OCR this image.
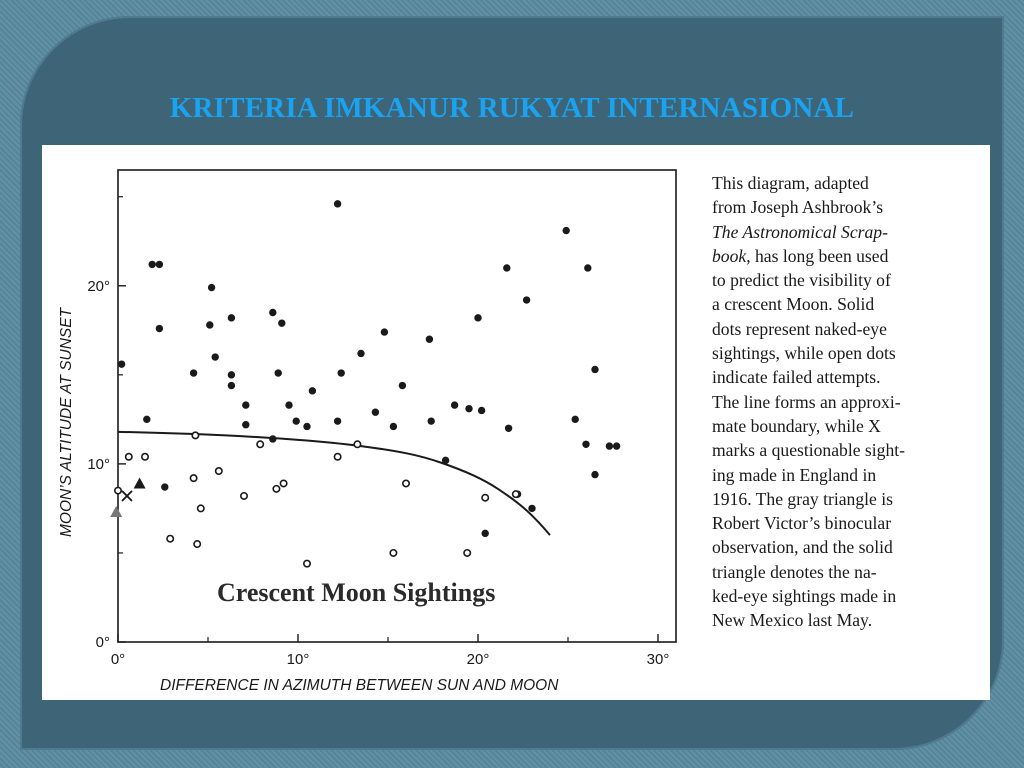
KRITERIA IMKANUR RUKYAT INTERNASIONAL
0°	10°	20°	30°
0°
10°
20°
Crescent Moon Sightings
DIFFERENCE IN AZIMUTH BETWEEN SUN AND MOON
MOON’S ALTITUDE AT SUNSET
This diagram, adapted
from Joseph Ashbrook’s
The Astronomical Scrap-
book, has long been used
to predict the visibility of
a crescent Moon. Solid
dots represent naked-eye
sightings, while open dots
indicate failed attempts.
The line forms an approxi-
mate boundary, while X
marks a questionable sight-
ing made in England in
1916. The gray triangle is
Robert Victor’s binocular
observation, and the solid
triangle denotes the na-
ked-eye sightings made in
New Mexico last May.
